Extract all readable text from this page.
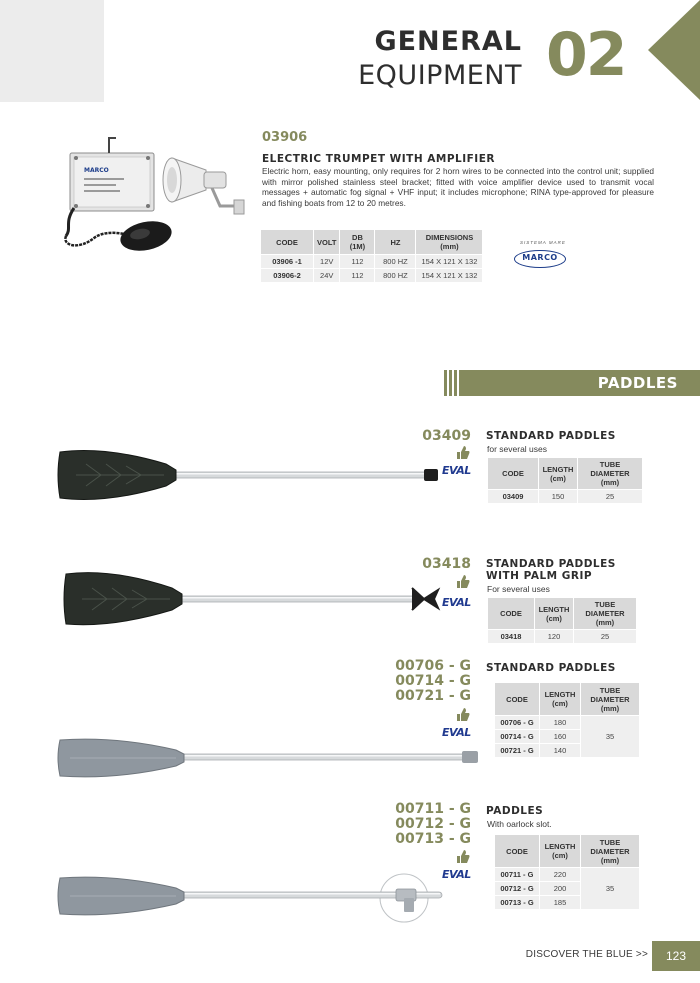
GENERAL
EQUIPMENT 02
MARCO
03906
ELECTRIC TRUMPET WITH AMPLIFIER
Electric horn, easy mounting, only requires for 2 horn wires to be connected into the control unit; supplied with mirror polished stainless steel bracket; fitted with voice amplifier device used to transmit vocal messages + automatic fog signal + VHF input; it includes microphone; RINA type-approved for pleasure and fishing boats from 12 to 20 metres.
CODE	VOLT	DB (1M)	HZ	DIMENSIONS (mm)
03906 -1	12V	112	800 HZ	154 X 121 X 132
03906-2	24V	112	800 HZ	154 X 121 X 132
SISTEMA MARE
MARCO
PADDLES
03409
EVAL
STANDARD PADDLES
for several uses
CODE	LENGTH (cm)	TUBE DIAMETER (mm)
03409	150	25
03418
EVAL
STANDARD PADDLES
WITH PALM GRIP
For several uses
CODE	LENGTH (cm)	TUBE DIAMETER (mm)
03418	120	25
00706 - G
00714 - G
00721 - G
EVAL
STANDARD PADDLES
CODE	LENGTH (cm)	TUBE DIAMETER (mm)
00706 - G	180	35
00714 - G	160	
00721 - G	140	
00711 - G
00712 - G
00713 - G
EVAL
PADDLES
With oarlock slot.
CODE	LENGTH (cm)	TUBE DIAMETER (mm)
00711 - G	220	35
00712 - G	200	
00713 - G	185	
DISCOVER THE BLUE >>	123
